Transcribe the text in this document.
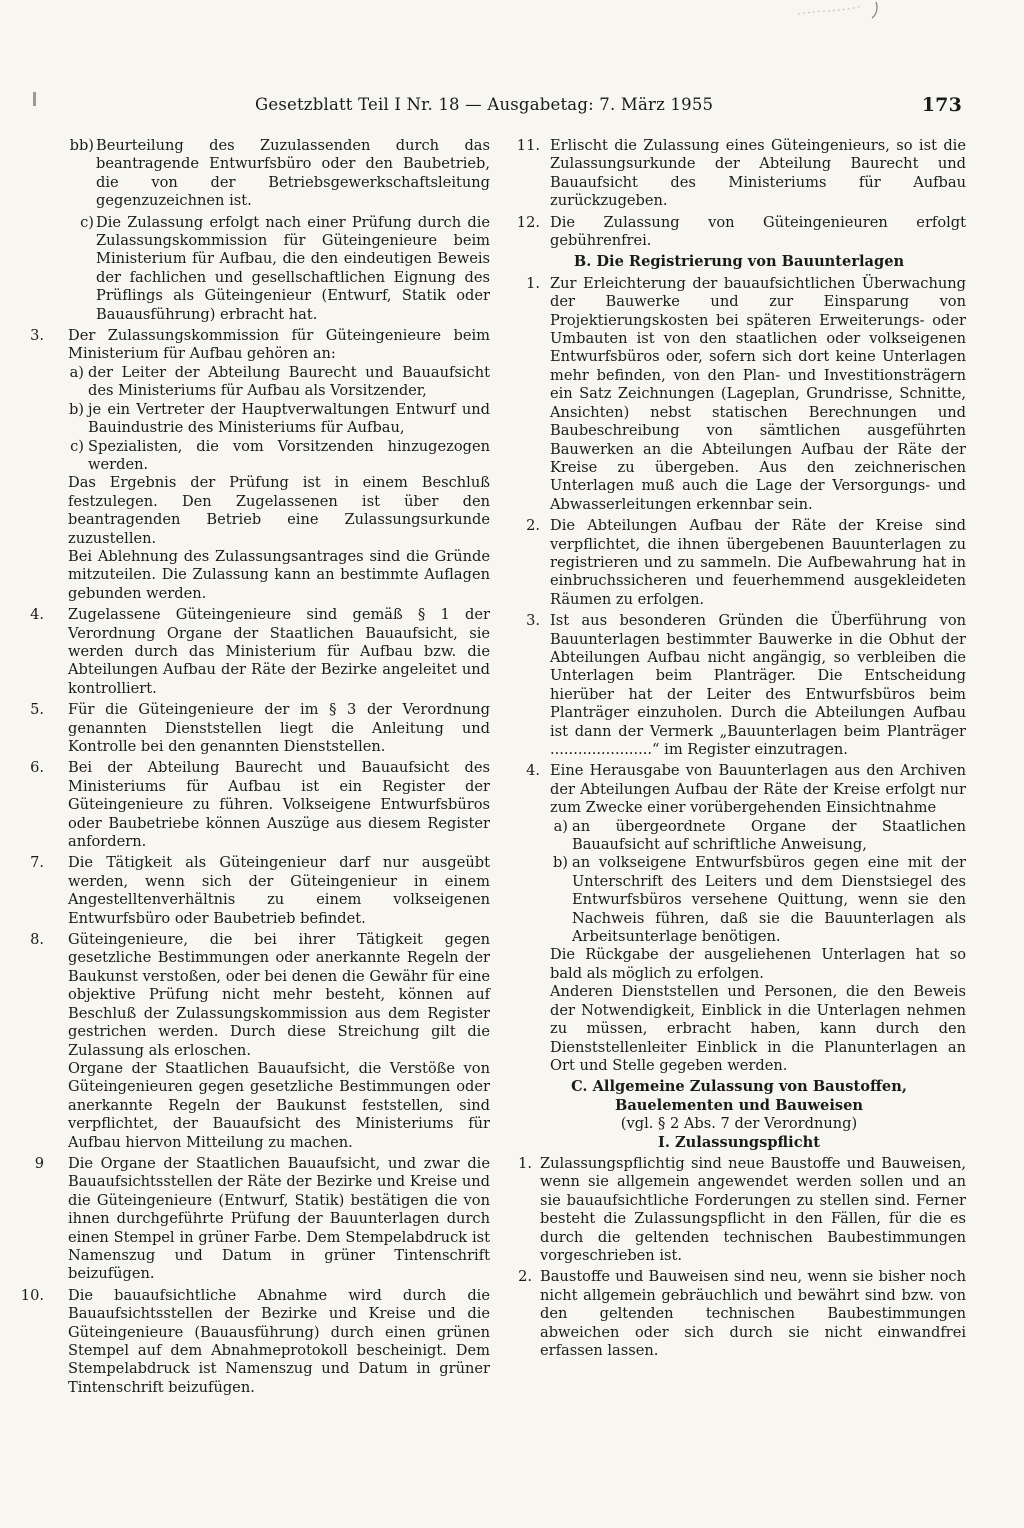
Gesetzblatt Teil I Nr. 18 — Ausgabetag: 7. März 1955	173
bb) Beurteilung des Zuzulassenden durch das beantragende Entwurfsbüro oder den Baubetrieb, die von der Betriebsgewerkschaftsleitung gegenzuzeichnen ist.
c) Die Zulassung erfolgt nach einer Prüfung durch die Zulassungskommission für Güteingenieure beim Ministerium für Aufbau, die den eindeutigen Beweis der fachlichen und gesellschaftlichen Eignung des Prüflings als Güteingenieur (Entwurf, Statik oder Bauausführung) erbracht hat.
3. Der Zulassungskommission für Güteingenieure beim Ministerium für Aufbau gehören an:
a) der Leiter der Abteilung Baurecht und Bauaufsicht des Ministeriums für Aufbau als Vorsitzender,
b) je ein Vertreter der Hauptverwaltungen Entwurf und Bauindustrie des Ministeriums für Aufbau,
c) Spezialisten, die vom Vorsitzenden hinzugezogen werden.
Das Ergebnis der Prüfung ist in einem Beschluß festzulegen. Den Zugelassenen ist über den beantragenden Betrieb eine Zulassungsurkunde zuzustellen.
Bei Ablehnung des Zulassungsantrages sind die Gründe mitzuteilen. Die Zulassung kann an bestimmte Auflagen gebunden werden.
4. Zugelassene Güteingenieure sind gemäß § 1 der Verordnung Organe der Staatlichen Bauaufsicht, sie werden durch das Ministerium für Aufbau bzw. die Abteilungen Aufbau der Räte der Bezirke angeleitet und kontrolliert.
5. Für die Güteingenieure der im § 3 der Verordnung genannten Dienststellen liegt die Anleitung und Kontrolle bei den genannten Dienststellen.
6. Bei der Abteilung Baurecht und Bauaufsicht des Ministeriums für Aufbau ist ein Register der Güteingenieure zu führen. Volkseigene Entwurfsbüros oder Baubetriebe können Auszüge aus diesem Register anfordern.
7. Die Tätigkeit als Güteingenieur darf nur ausgeübt werden, wenn sich der Güteingenieur in einem Angestelltenverhältnis zu einem volkseigenen Entwurfsbüro oder Baubetrieb befindet.
8. Güteingenieure, die bei ihrer Tätigkeit gegen gesetzliche Bestimmungen oder anerkannte Regeln der Baukunst verstoßen, oder bei denen die Gewähr für eine objektive Prüfung nicht mehr besteht, können auf Beschluß der Zulassungskommission aus dem Register gestrichen werden. Durch diese Streichung gilt die Zulassung als erloschen.
Organe der Staatlichen Bauaufsicht, die Verstöße von Güteingenieuren gegen gesetzliche Bestimmungen oder anerkannte Regeln der Baukunst feststellen, sind verpflichtet, der Bauaufsicht des Ministeriums für Aufbau hiervon Mitteilung zu machen.
9 Die Organe der Staatlichen Bauaufsicht, und zwar die Bauaufsichtsstellen der Räte der Bezirke und Kreise und die Güteingenieure (Entwurf, Statik) bestätigen die von ihnen durchgeführte Prüfung der Bauunterlagen durch einen Stempel in grüner Farbe. Dem Stempelabdruck ist Namenszug und Datum in grüner Tintenschrift beizufügen.
10. Die bauaufsichtliche Abnahme wird durch die Bauaufsichtsstellen der Bezirke und Kreise und die Güteingenieure (Bauausführung) durch einen grünen Stempel auf dem Abnahmeprotokoll bescheinigt. Dem Stempelabdruck ist Namenszug und Datum in grüner Tintenschrift beizufügen.
11. Erlischt die Zulassung eines Güteingenieurs, so ist die Zulassungsurkunde der Abteilung Baurecht und Bauaufsicht des Ministeriums für Aufbau zurückzugeben.
12. Die Zulassung von Güteingenieuren erfolgt gebührenfrei.
B. Die Registrierung von Bauunterlagen
1. Zur Erleichterung der bauaufsichtlichen Überwachung der Bauwerke und zur Einsparung von Projektierungskosten bei späteren Erweiterungs- oder Umbauten ist von den staatlichen oder volkseigenen Entwurfsbüros oder, sofern sich dort keine Unterlagen mehr befinden, von den Plan- und Investitionsträgern ein Satz Zeichnungen (Lageplan, Grundrisse, Schnitte, Ansichten) nebst statischen Berechnungen und Baubeschreibung von sämtlichen ausgeführten Bauwerken an die Abteilungen Aufbau der Räte der Kreise zu übergeben. Aus den zeichnerischen Unterlagen muß auch die Lage der Versorgungs- und Abwasserleitungen erkennbar sein.
2. Die Abteilungen Aufbau der Räte der Kreise sind verpflichtet, die ihnen übergebenen Bauunterlagen zu registrieren und zu sammeln. Die Aufbewahrung hat in einbruchssicheren und feuerhemmend ausgekleideten Räumen zu erfolgen.
3. Ist aus besonderen Gründen die Überführung von Bauunterlagen bestimmter Bauwerke in die Obhut der Abteilungen Aufbau nicht angängig, so verbleiben die Unterlagen beim Planträger. Die Entscheidung hierüber hat der Leiter des Entwurfsbüros beim Planträger einzuholen. Durch die Abteilungen Aufbau ist dann der Vermerk „Bauunterlagen beim Planträger ......................“ im Register einzutragen.
4. Eine Herausgabe von Bauunterlagen aus den Archiven der Abteilungen Aufbau der Räte der Kreise erfolgt nur zum Zwecke einer vorübergehenden Einsichtnahme
a) an übergeordnete Organe der Staatlichen Bauaufsicht auf schriftliche Anweisung,
b) an volkseigene Entwurfsbüros gegen eine mit der Unterschrift des Leiters und dem Dienstsiegel des Entwurfsbüros versehene Quittung, wenn sie den Nachweis führen, daß sie die Bauunterlagen als Arbeitsunterlage benötigen.
Die Rückgabe der ausgeliehenen Unterlagen hat so bald als möglich zu erfolgen.
Anderen Dienststellen und Personen, die den Beweis der Notwendigkeit, Einblick in die Unterlagen nehmen zu müssen, erbracht haben, kann durch den Dienststellenleiter Einblick in die Planunterlagen an Ort und Stelle gegeben werden.
C. Allgemeine Zulassung von Baustoffen, Bauelementen und Bauweisen
(vgl. § 2 Abs. 7 der Verordnung)
I. Zulassungspflicht
1. Zulassungspflichtig sind neue Baustoffe und Bauweisen, wenn sie allgemein angewendet werden sollen und an sie bauaufsichtliche Forderungen zu stellen sind. Ferner besteht die Zulassungspflicht in den Fällen, für die es durch die geltenden technischen Baubestimmungen vorgeschrieben ist.
2. Baustoffe und Bauweisen sind neu, wenn sie bisher noch nicht allgemein gebräuchlich und bewährt sind bzw. von den geltenden technischen Baubestimmungen abweichen oder sich durch sie nicht einwandfrei erfassen lassen.
